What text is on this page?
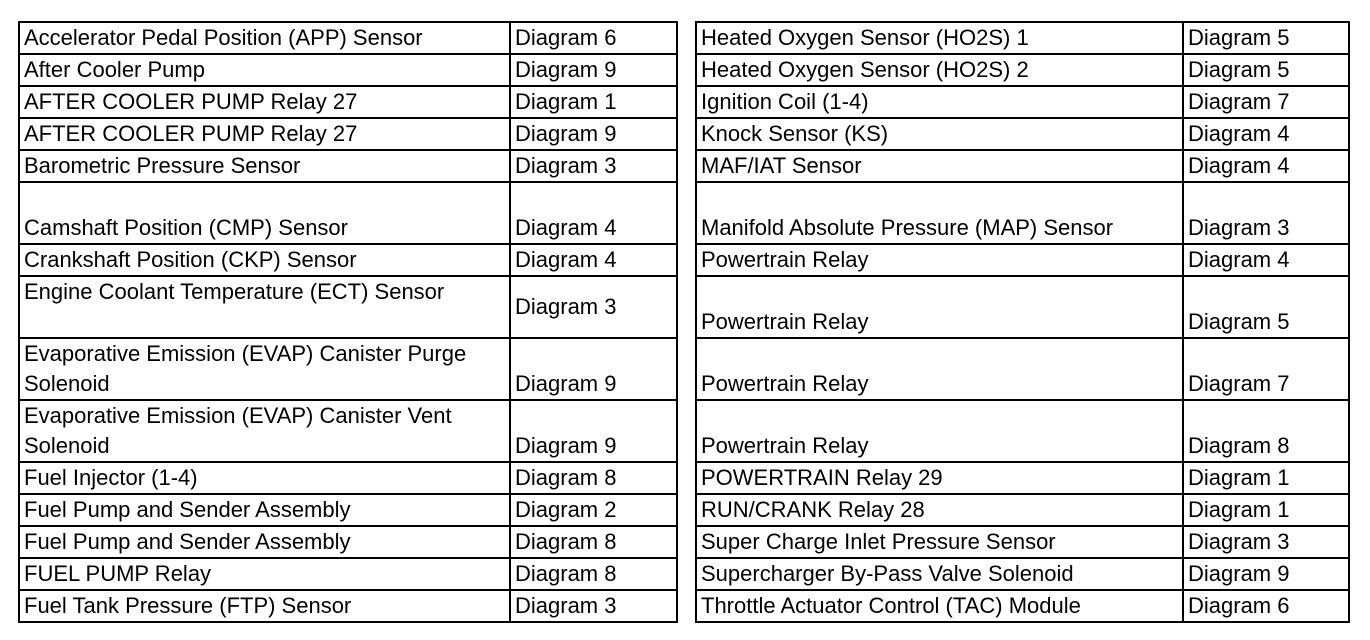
Accelerator Pedal Position (APP) Sensor	Diagram 6		Heated Oxygen Sensor (HO2S) 1	Diagram 5
After Cooler Pump	Diagram 9		Heated Oxygen Sensor (HO2S) 2	Diagram 5
AFTER COOLER PUMP Relay 27	Diagram 1		Ignition Coil (1-4)	Diagram 7
AFTER COOLER PUMP Relay 27	Diagram 9		Knock Sensor (KS)	Diagram 4
Barometric Pressure Sensor	Diagram 3		MAF/IAT Sensor	Diagram 4
Camshaft Position (CMP) Sensor	Diagram 4		Manifold Absolute Pressure (MAP) Sensor	Diagram 3
Crankshaft Position (CKP) Sensor	Diagram 4		Powertrain Relay	Diagram 4
Engine Coolant Temperature (ECT) Sensor	Diagram 3		Powertrain Relay	Diagram 5
Evaporative Emission (EVAP) Canister Purge Solenoid	Diagram 9		Powertrain Relay	Diagram 7
Evaporative Emission (EVAP) Canister Vent Solenoid	Diagram 9		Powertrain Relay	Diagram 8
Fuel Injector (1-4)	Diagram 8		POWERTRAIN Relay 29	Diagram 1
Fuel Pump and Sender Assembly	Diagram 2		RUN/CRANK Relay 28	Diagram 1
Fuel Pump and Sender Assembly	Diagram 8		Super Charge Inlet Pressure Sensor	Diagram 3
FUEL PUMP Relay	Diagram 8		Supercharger By-Pass Valve Solenoid	Diagram 9
Fuel Tank Pressure (FTP) Sensor	Diagram 3		Throttle Actuator Control (TAC) Module	Diagram 6
